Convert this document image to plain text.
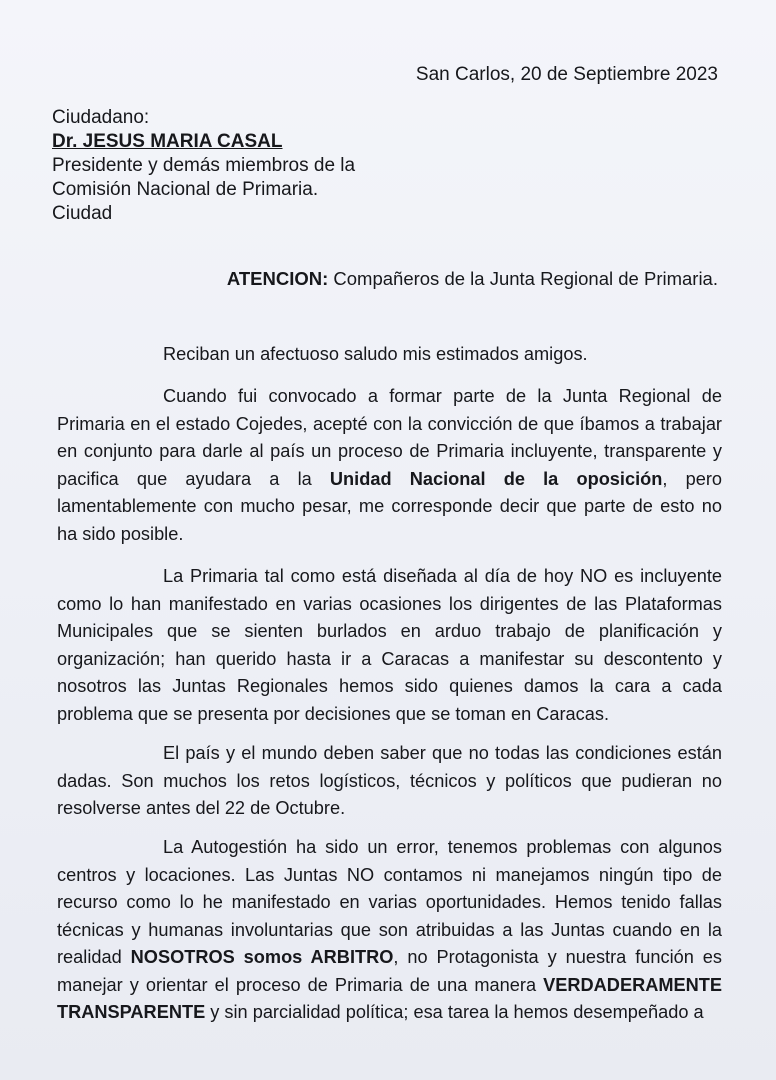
San Carlos, 20 de Septiembre 2023
Ciudadano:
Dr. JESUS MARIA CASAL
Presidente y demás miembros de la
Comisión Nacional de Primaria.
Ciudad
ATENCION: Compañeros de la Junta Regional de Primaria.

Reciban un afectuoso saludo mis estimados amigos.

Cuando fui convocado a formar parte de la Junta Regional de Primaria en el estado Cojedes, acepté con la convicción de que íbamos a trabajar en conjunto para darle al país un proceso de Primaria incluyente, transparente y pacifica que ayudara a la Unidad Nacional de la oposición, pero lamentablemente con mucho pesar, me corresponde decir que parte de esto no ha sido posible.

La Primaria tal como está diseñada al día de hoy NO es incluyente como lo han manifestado en varias ocasiones los dirigentes de las Plataformas Municipales que se sienten burlados en arduo trabajo de planificación y organización; han querido hasta ir a Caracas a manifestar su descontento y nosotros las Juntas Regionales hemos sido quienes damos la cara a cada problema que se presenta por decisiones que se toman en Caracas.

El país y el mundo deben saber que no todas las condiciones están dadas. Son muchos los retos logísticos, técnicos y políticos que pudieran no resolverse antes del 22 de Octubre.

La Autogestión ha sido un error, tenemos problemas con algunos centros y locaciones. Las Juntas NO contamos ni manejamos ningún tipo de recurso como lo he manifestado en varias oportunidades. Hemos tenido fallas técnicas y humanas involuntarias que son atribuidas a las Juntas cuando en la realidad NOSOTROS somos ARBITRO, no Protagonista y nuestra función es manejar y orientar el proceso de Primaria de una manera VERDADERAMENTE TRANSPARENTE y sin parcialidad política; esa tarea la hemos desempeñado a
